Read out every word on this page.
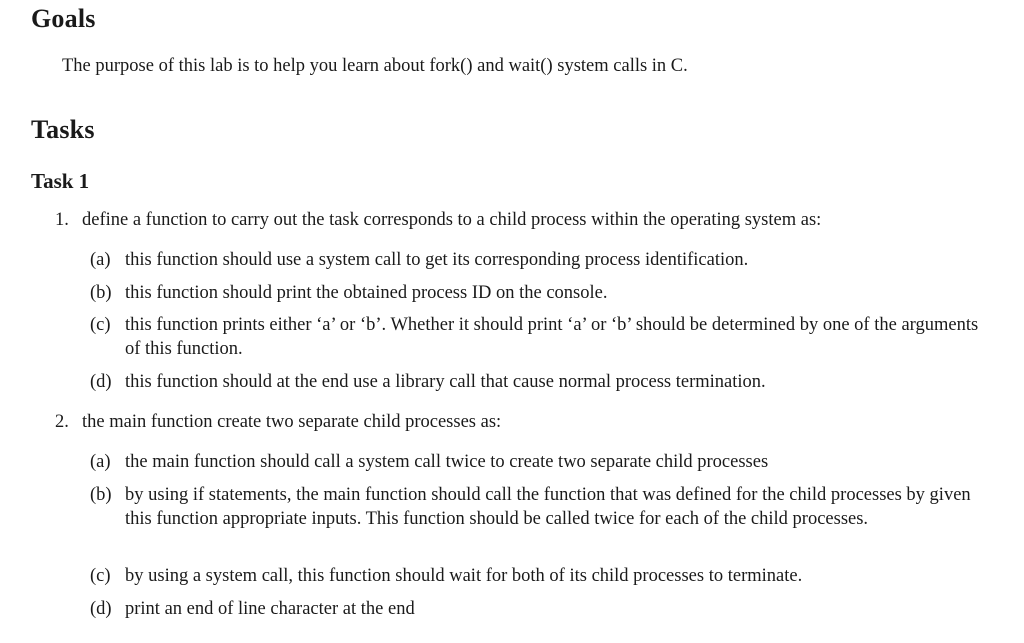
Goals

The purpose of this lab is to help you learn about fork() and wait() system calls in C.

Tasks
Task 1
1. define a function to carry out the task corresponds to a child process within the operating system as:
(a) this function should use a system call to get its corresponding process identification.
(b) this function should print the obtained process ID on the console.
(c) this function prints either ‘a’ or ‘b’. Whether it should print ‘a’ or ‘b’ should be determined by one of the arguments of this function.
(d) this function should at the end use a library call that cause normal process termination.
2. the main function create two separate child processes as:
(a) the main function should call a system call twice to create two separate child processes
(b) by using if statements, the main function should call the function that was defined for the child processes by given this function appropriate inputs. This function should be called twice for each of the child processes.
(c) by using a system call, this function should wait for both of its child processes to terminate.
(d) print an end of line character at the end
